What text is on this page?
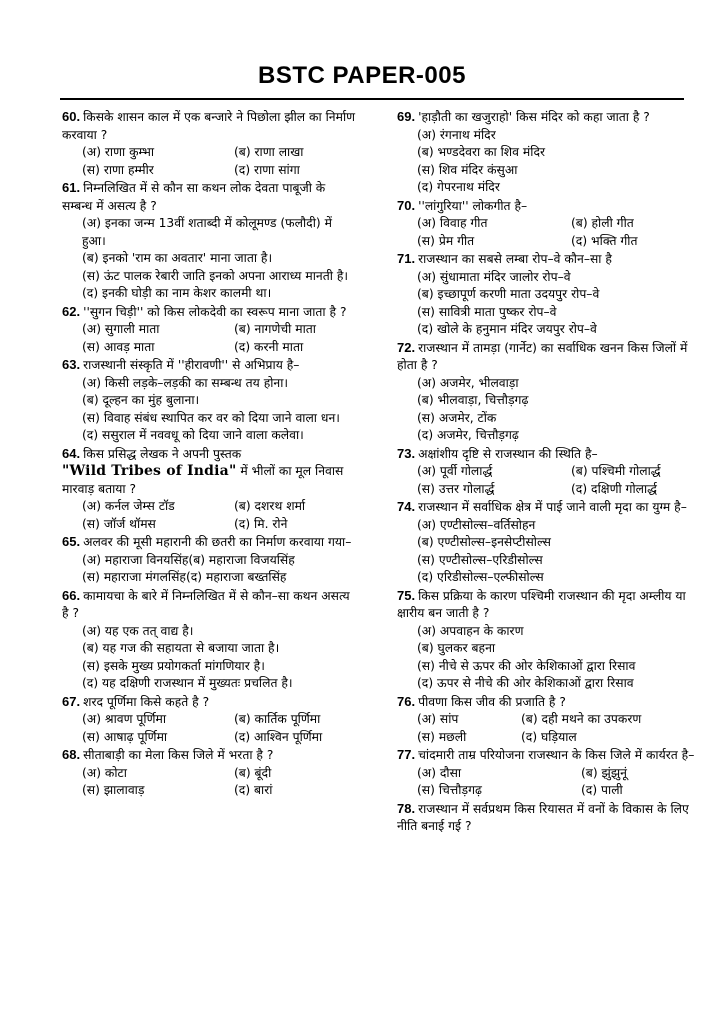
BSTC PAPER-005
60. किसके शासन काल में एक बन्जारे ने पिछोला झील का निर्माण करवाया ?
(अ) राणा कुम्भा	(ब) राणा लाखा
(स) राणा हम्मीर	(द) राणा सांगा
61. निम्नलिखित में से कौन सा कथन लोक देवता पाबूजी के सम्बन्ध में असत्य है ?
(अ) इनका जन्म 13वीं शताब्दी में कोलूमण्ड (फलौदी) में हुआ।
(ब) इनको 'राम का अवतार' माना जाता है।
(स) ऊंट पालक रेबारी जाति इनको अपना आराध्य मानती है।
(द) इनकी घोड़ी का नाम केशर कालमी था।
62. ''सुगन चिड़ी'' को किस लोकदेवी का स्वरूप माना जाता है ?
(अ) सुगाली माता	(ब) नागणेची माता
(स) आवड़ माता	(द) करनी माता
63. राजस्थानी संस्कृति में ''हीरावणी'' से अभिप्राय है–
(अ) किसी लड़के–लड़की का सम्बन्ध तय होना।
(ब) दूल्हन का मुंह बुलाना।
(स) विवाह संबंध स्थापित कर वर को दिया जाने वाला धन।
(द) ससुराल में नववधू को दिया जाने वाला कलेवा।
64. किस प्रसिद्ध लेखक ने अपनी पुस्तक
"Wild Tribes of India" में भीलों का मूल निवास मारवाड़ बताया ?
(अ) कर्नल जेम्स टॉड	(ब) दशरथ शर्मा
(स) जॉर्ज थॉमस	(द) मि. रोने
65. अलवर की मूसी महारानी की छतरी का निर्माण करवाया गया–
(अ) महाराजा विनयसिंह(ब) महाराजा विजयसिंह
(स) महाराजा मंगलसिंह(द) महाराजा बख्तसिंह
66. कामायचा के बारे में निम्नलिखित में से कौन–सा कथन असत्य है ?
(अ) यह एक तत् वाद्य है।
(ब) यह गज की सहायता से बजाया जाता है।
(स) इसके मुख्य प्रयोगकर्ता मांगणियार है।
(द) यह दक्षिणी राजस्थान में मुख्यतः प्रचलित है।
67. शरद पूर्णिमा किसे कहते है ?
(अ) श्रावण पूर्णिमा	(ब) कार्तिक पूर्णिमा
(स) आषाढ़ पूर्णिमा	(द) आश्विन पूर्णिमा
68. सीताबाड़ी का मेला किस जिले में भरता है ?
(अ) कोटा	(ब) बूंदी
(स) झालावाड़	(द) बारां
69. 'हाड़ौती का खजुराहो' किस मंदिर को कहा जाता है ?
(अ) रंगनाथ मंदिर
(ब) भण्डदेवरा का शिव मंदिर
(स) शिव मंदिर कंसुआ
(द) गेपरनाथ मंदिर
70. ''लांगुरिया'' लोकगीत है–
(अ) विवाह गीत	(ब) होली गीत
(स) प्रेम गीत	(द) भक्ति गीत
71. राजस्थान का सबसे लम्बा रोप–वे कौन–सा है
(अ) सुंधामाता मंदिर जालोर रोप–वे
(ब) इच्छापूर्ण करणी माता उदयपुर रोप–वे
(स) सावित्री माता पुष्कर रोप–वे
(द) खोले के हनुमान मंदिर जयपुर रोप–वे
72. राजस्थान में तामड़ा (गार्नेट) का सर्वाधिक खनन किस जिलों में होता है ?
(अ) अजमेर, भीलवाड़ा
(ब) भीलवाड़ा, चित्तौड़गढ़
(स) अजमेर, टोंक
(द) अजमेर, चित्तौड़गढ़
73. अक्षांशीय दृष्टि से राजस्थान की स्थिति है–
(अ) पूर्वी गोलार्द्ध	(ब) पश्चिमी गोलार्द्ध
(स) उत्तर गोलार्द्ध	(द) दक्षिणी गोलार्द्ध
74. राजस्थान में सर्वाधिक क्षेत्र में पाई जाने वाली मृदा का युग्म है–
(अ) एण्टीसोल्स–वर्तिसोहन
(ब) एण्टीसोल्स–इनसेप्टीसोल्स
(स) एण्टीसोल्स–एरिडीसोल्स
(द) एरिडीसोल्स–एल्फीसोल्स
75. किस प्रक्रिया के कारण पश्चिमी राजस्थान की मृदा अम्लीय या क्षारीय बन जाती है ?
(अ) अपवाहन के कारण
(ब) घुलकर बहना
(स) नीचे से ऊपर की ओर केशिकाओं द्वारा रिसाव
(द) ऊपर से नीचे की ओर केशिकाओं द्वारा रिसाव
76. पीवणा किस जीव की प्रजाति है ?
(अ) सांप	(ब) दही मथने का उपकरण
(स) मछली	(द) घड़ियाल
77. चांदमारी ताम्र परियोजना राजस्थान के किस जिले में कार्यरत है–
(अ) दौसा	(ब) झुंझुनूं
(स) चित्तौड़गढ़	(द) पाली
78. राजस्थान में सर्वप्रथम किस रियासत में वनों के विकास के लिए नीति बनाई गई ?
